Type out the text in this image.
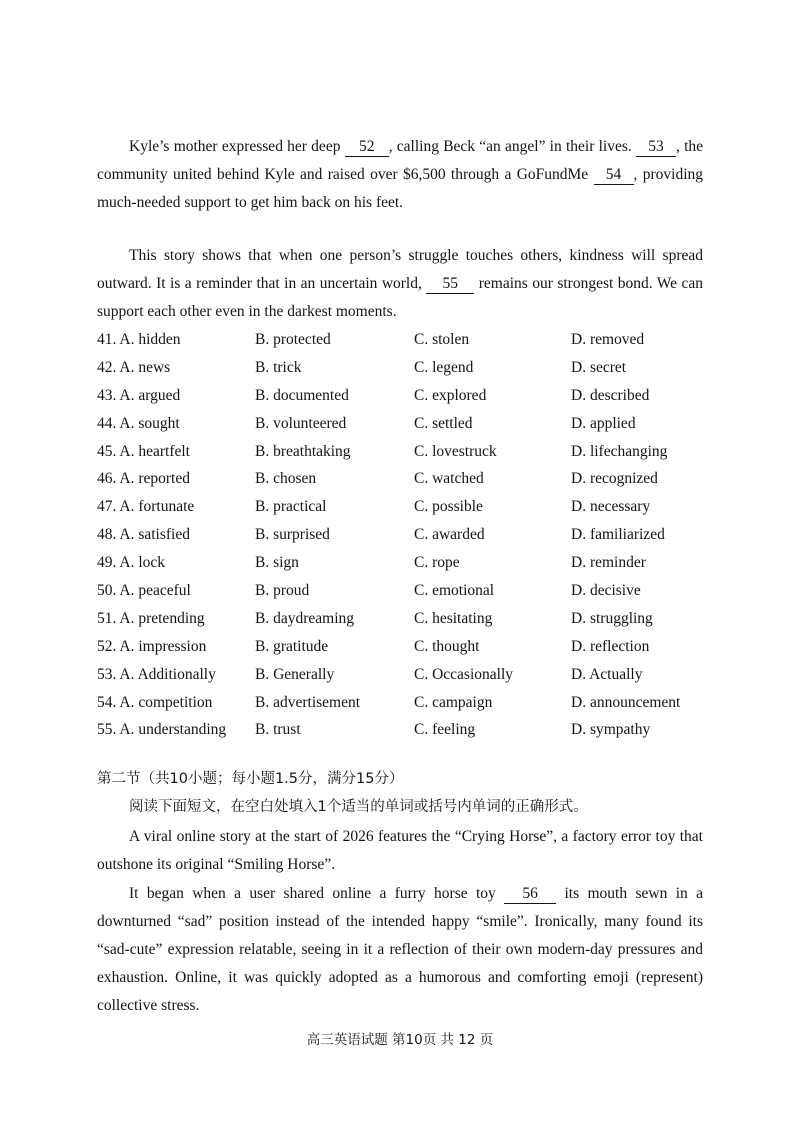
Kyle’s mother expressed her deep 52 , calling Beck “an angel” in their lives. 53 , the community united behind Kyle and raised over $6,500 through a GoFundMe 54 , providing much-needed support to get him back on his feet.

This story shows that when one person’s struggle touches others, kindness will spread outward. It is a reminder that in an uncertain world, 55 remains our strongest bond. We can support each other even in the darkest moments.

41. A. hidden	B. protected	C. stolen	D. removed
42. A. news	B. trick	C. legend	D. secret
43. A. argued	B. documented	C. explored	D. described
44. A. sought	B. volunteered	C. settled	D. applied
45. A. heartfelt	B. breathtaking	C. lovestruck	D. lifechanging
46. A. reported	B. chosen	C. watched	D. recognized
47. A. fortunate	B. practical	C. possible	D. necessary
48. A. satisfied	B. surprised	C. awarded	D. familiarized
49. A. lock	B. sign	C. rope	D. reminder
50. A. peaceful	B. proud	C. emotional	D. decisive
51. A. pretending	B. daydreaming	C. hesitating	D. struggling
52. A. impression	B. gratitude	C. thought	D. reflection
53. A. Additionally	B. Generally	C. Occasionally	D. Actually
54. A. competition	B. advertisement	C. campaign	D. announcement
55. A. understanding B. trust	C. feeling	D. sympathy
第二节（共10小题；每小题1.5分，满分15分）
阅读下面短文，在空白处填入1个适当的单词或括号内单词的正确形式。

A viral online story at the start of 2026 features the “Crying Horse”, a factory error toy that outshone its original “Smiling Horse”.

It began when a user shared online a furry horse toy 56 its mouth sewn in a downturned “sad” position instead of the intended happy “smile”. Ironically, many found its “sad-cute” expression relatable, seeing in it a reflection of their own modern-day pressures and exhaustion. Online, it was quickly adopted as a humorous and comforting emoji (represent) collective stress.

高三英语试题 第10页 共 12 页
